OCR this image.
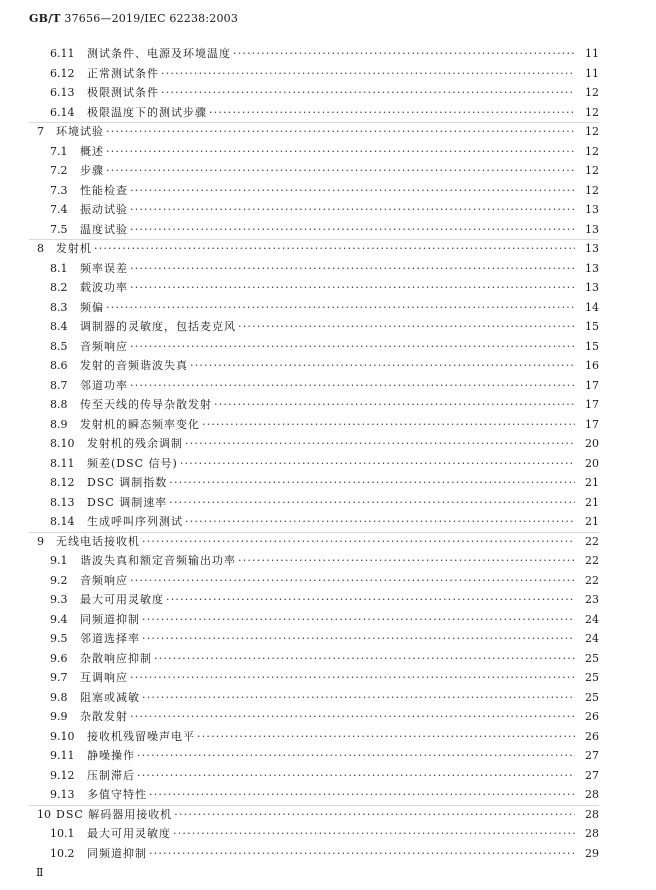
GB/T 37656—2019/IEC 62238:2003
6.11	测试条件、电源及环境温度 ·····	11
6.12	正常测试条件 ·····	11
6.13	极限测试条件 ·····	12
6.14	极限温度下的测试步骤 ·····	12
7	环境试验 ·····	12
7.1	概述 ·····	12
7.2	步骤 ·····	12
7.3	性能检查 ·····	12
7.4	振动试验 ·····	13
7.5	温度试验 ·····	13
8	发射机 ·····	13
8.1	频率误差 ·····	13
8.2	载波功率 ·····	13
8.3	频偏 ·····	14
8.4	调制器的灵敏度，包括麦克风 ·····	15
8.5	音频响应 ·····	15
8.6	发射的音频谐波失真 ·····	16
8.7	邻道功率 ·····	17
8.8	传至天线的传导杂散发射 ·····	17
8.9	发射机的瞬态频率变化 ·····	17
8.10	发射机的残余调制 ·····	20
8.11	频差(DSC 信号) ·····	20
8.12	DSC 调制指数 ·····	21
8.13	DSC 调制速率 ·····	21
8.14	生成呼叫序列测试 ·····	21
9	无线电话接收机 ·····	22
9.1	谐波失真和额定音频输出功率 ·····	22
9.2	音频响应 ·····	22
9.3	最大可用灵敏度 ·····	23
9.4	同频道抑制 ·····	24
9.5	邻道选择率 ·····	24
9.6	杂散响应抑制 ·····	25
9.7	互调响应 ·····	25
9.8	阻塞或减敏 ·····	25
9.9	杂散发射 ·····	26
9.10	接收机残留噪声电平 ·····	26
9.11	静噪操作 ·····	27
9.12	压制滞后 ·····	27
9.13	多值守特性 ·····	28
10 DSC 解码器用接收机 ·····	28
10.1	最大可用灵敏度 ·····	28
10.2	同频道抑制 ·····	29
Ⅱ
